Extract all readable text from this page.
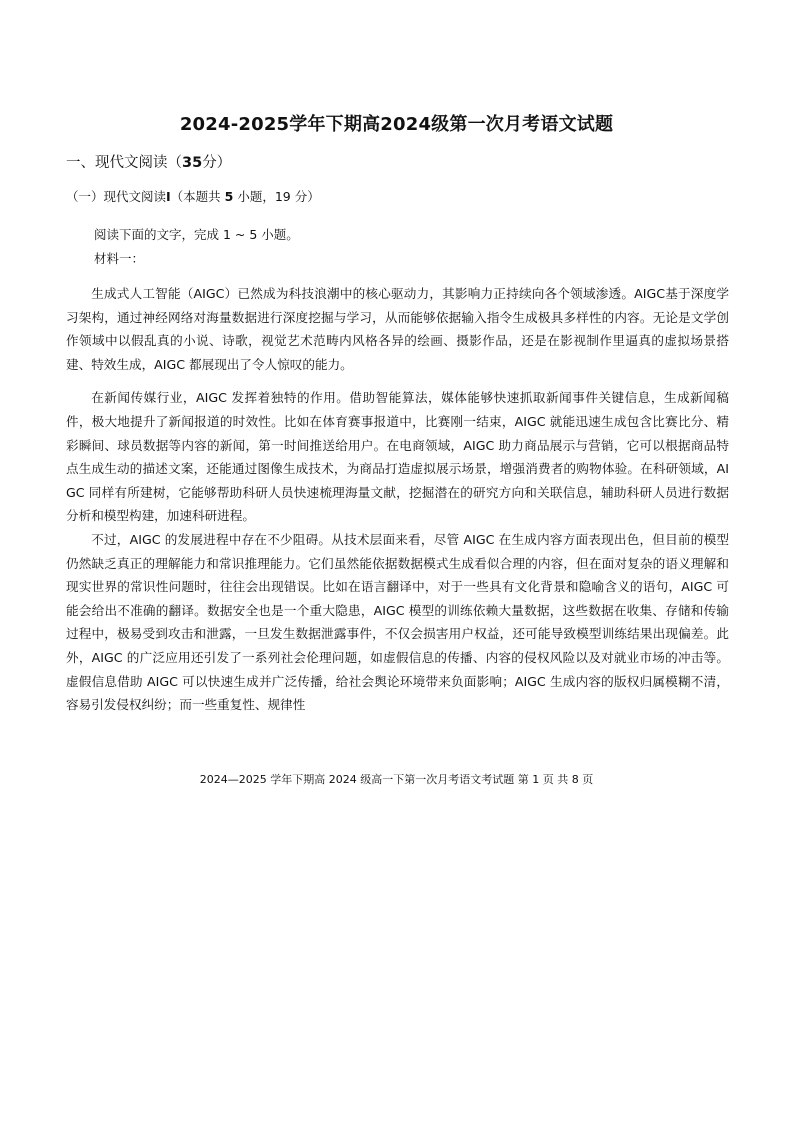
2024-2025学年下期高2024级第一次月考语文试题
一、现代文阅读（35分）
（一）现代文阅读I（本题共 5 小题，19 分）
阅读下面的文字，完成 1 ~ 5 小题。
材料一：

生成式人工智能（AIGC）已然成为科技浪潮中的核心驱动力，其影响力正持续向各个领域渗透。AIGC基于深度学习架构，通过神经网络对海量数据进行深度挖掘与学习，从而能够依据输入指令生成极具多样性的内容。无论是文学创作领域中以假乱真的小说、诗歌，视觉艺术范畴内风格各异的绘画、摄影作品，还是在影视制作里逼真的虚拟场景搭建、特效生成，AIGC 都展现出了令人惊叹的能力。

在新闻传媒行业，AIGC 发挥着独特的作用。借助智能算法，媒体能够快速抓取新闻事件关键信息，生成新闻稿件，极大地提升了新闻报道的时效性。比如在体育赛事报道中，比赛刚一结束，AIGC 就能迅速生成包含比赛比分、精彩瞬间、球员数据等内容的新闻，第一时间推送给用户。在电商领域，AIGC 助力商品展示与营销，它可以根据商品特点生成生动的描述文案，还能通过图像生成技术，为商品打造虚拟展示场景，增强消费者的购物体验。在科研领域，AIGC 同样有所建树，它能够帮助科研人员快速梳理海量文献，挖掘潜在的研究方向和关联信息，辅助科研人员进行数据分析和模型构建，加速科研进程。

不过，AIGC 的发展进程中存在不少阻碍。从技术层面来看，尽管 AIGC 在生成内容方面表现出色，但目前的模型仍然缺乏真正的理解能力和常识推理能力。它们虽然能依据数据模式生成看似合理的内容，但在面对复杂的语义理解和现实世界的常识性问题时，往往会出现错误。比如在语言翻译中，对于一些具有文化背景和隐喻含义的语句，AIGC 可能会给出不准确的翻译。数据安全也是一个重大隐患，AIGC 模型的训练依赖大量数据，这些数据在收集、存储和传输过程中，极易受到攻击和泄露，一旦发生数据泄露事件，不仅会损害用户权益，还可能导致模型训练结果出现偏差。此外，AIGC 的广泛应用还引发了一系列社会伦理问题，如虚假信息的传播、内容的侵权风险以及对就业市场的冲击等。虚假信息借助 AIGC 可以快速生成并广泛传播，给社会舆论环境带来负面影响；AIGC 生成内容的版权归属模糊不清，容易引发侵权纠纷；而一些重复性、规律性

2024—2025 学年下期高 2024 级高一下第一次月考语文考试题 第 1 页 共 8 页
